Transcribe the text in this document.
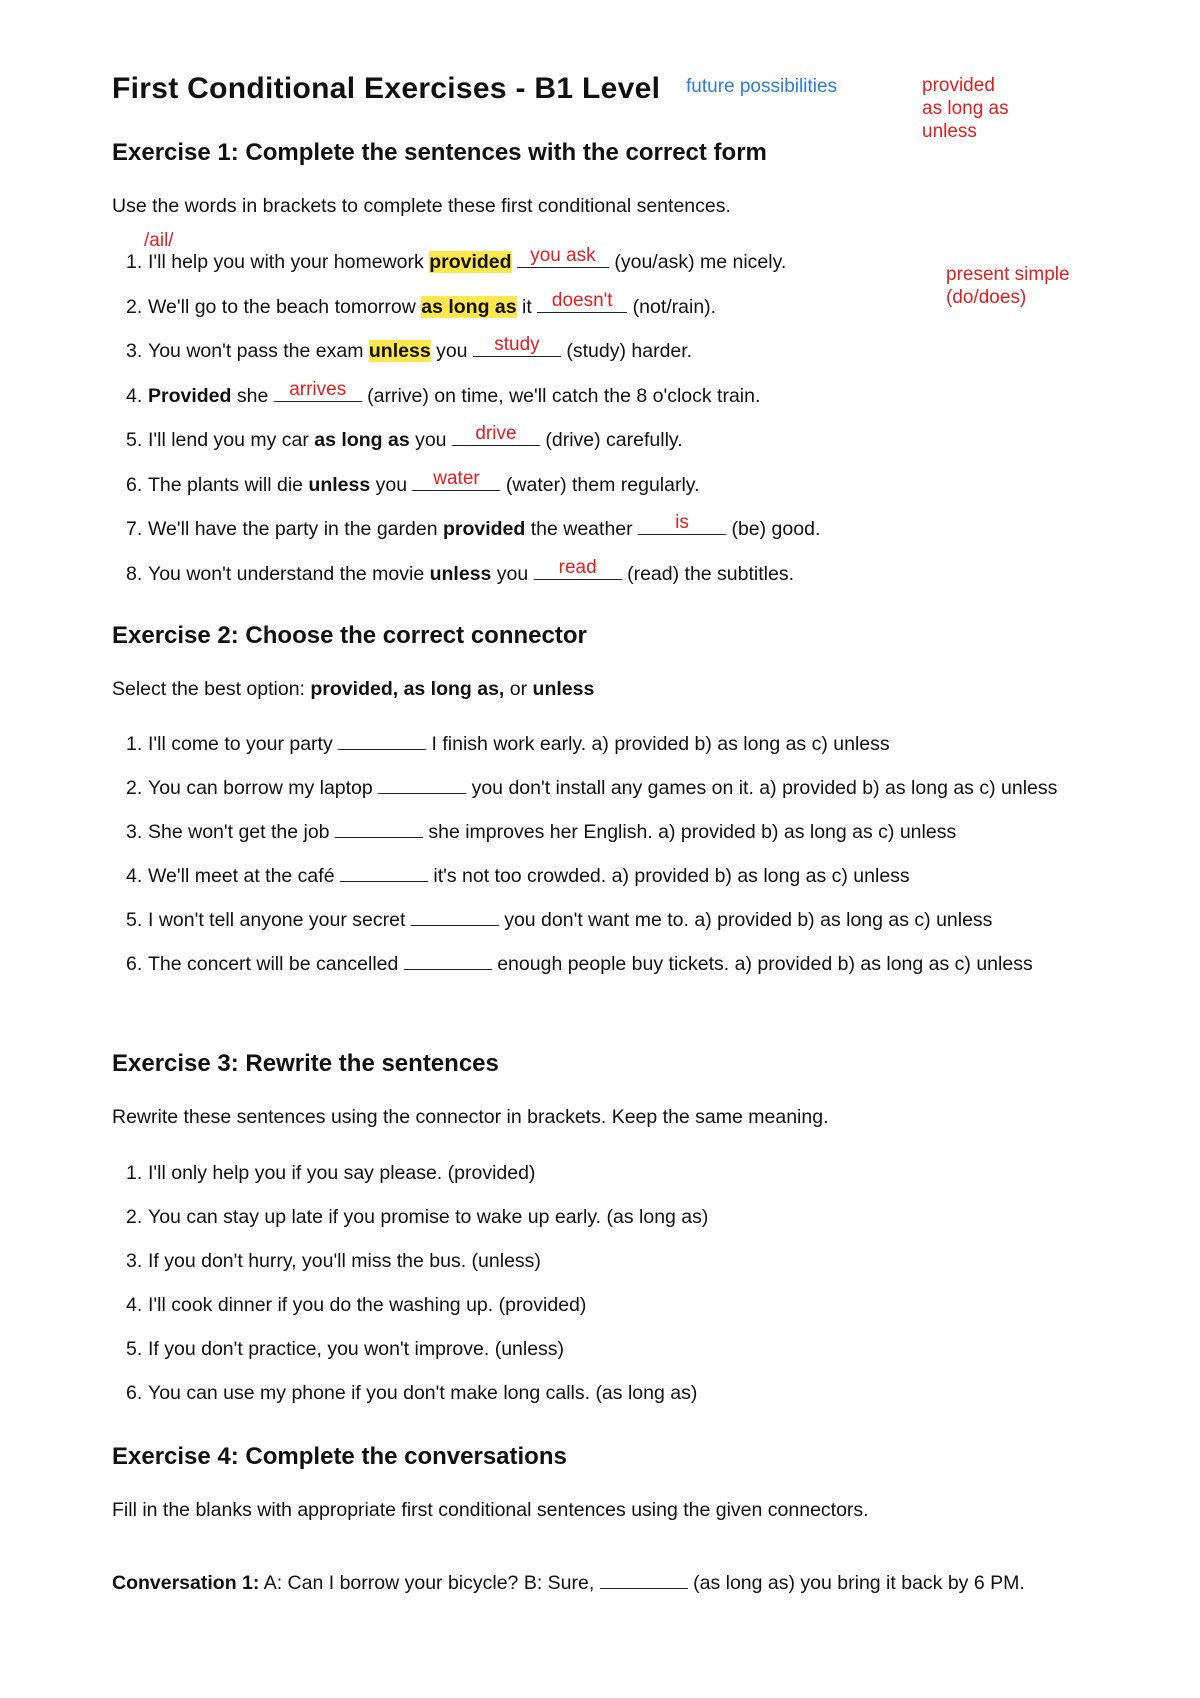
First Conditional Exercises - B1 Level future possibilities	provided
as long as
unless
present simple
(do/does)
/ail/
Exercise 1: Complete the sentences with the correct form

Use the words in brackets to complete these first conditional sentences.

1. I'll help you with your homework provided you ask (you/ask) me nicely.
2. We'll go to the beach tomorrow as long as it doesn't (not/rain).
3. You won't pass the exam unless you	study	(study) harder.
4. Provided she arrives (arrive) on time, we'll catch the 8 o'clock train.
5. I'll lend you my car as long as you	drive	(drive) carefully.
6. The plants will die unless you	water	(water) them regularly.
7. We'll have the party in the garden provided the weather	is	(be) good.
8. You won't understand the movie unless you	read	(read) the subtitles.
Exercise 2: Choose the correct connector

Select the best option: provided, as long as, or unless

1. I'll come to your party	I finish work early. a) provided b) as long as c) unless
2. You can borrow my laptop	you don't install any games on it. a) provided b) as long as c) unless
3. She won't get the job	she improves her English. a) provided b) as long as c) unless
4. We'll meet at the café	it's not too crowded. a) provided b) as long as c) unless
5. I won't tell anyone your secret	you don't want me to. a) provided b) as long as c) unless
6. The concert will be cancelled	enough people buy tickets. a) provided b) as long as c) unless
Exercise 3: Rewrite the sentences

Rewrite these sentences using the connector in brackets. Keep the same meaning.

1. I'll only help you if you say please. (provided)
2. You can stay up late if you promise to wake up early. (as long as)
3. If you don't hurry, you'll miss the bus. (unless)
4. I'll cook dinner if you do the washing up. (provided)
5. If you don't practice, you won't improve. (unless)
6. You can use my phone if you don't make long calls. (as long as)
Exercise 4: Complete the conversations

Fill in the blanks with appropriate first conditional sentences using the given connectors.

Conversation 1: A: Can I borrow your bicycle? B: Sure,	(as long as) you bring it back by 6 PM.
